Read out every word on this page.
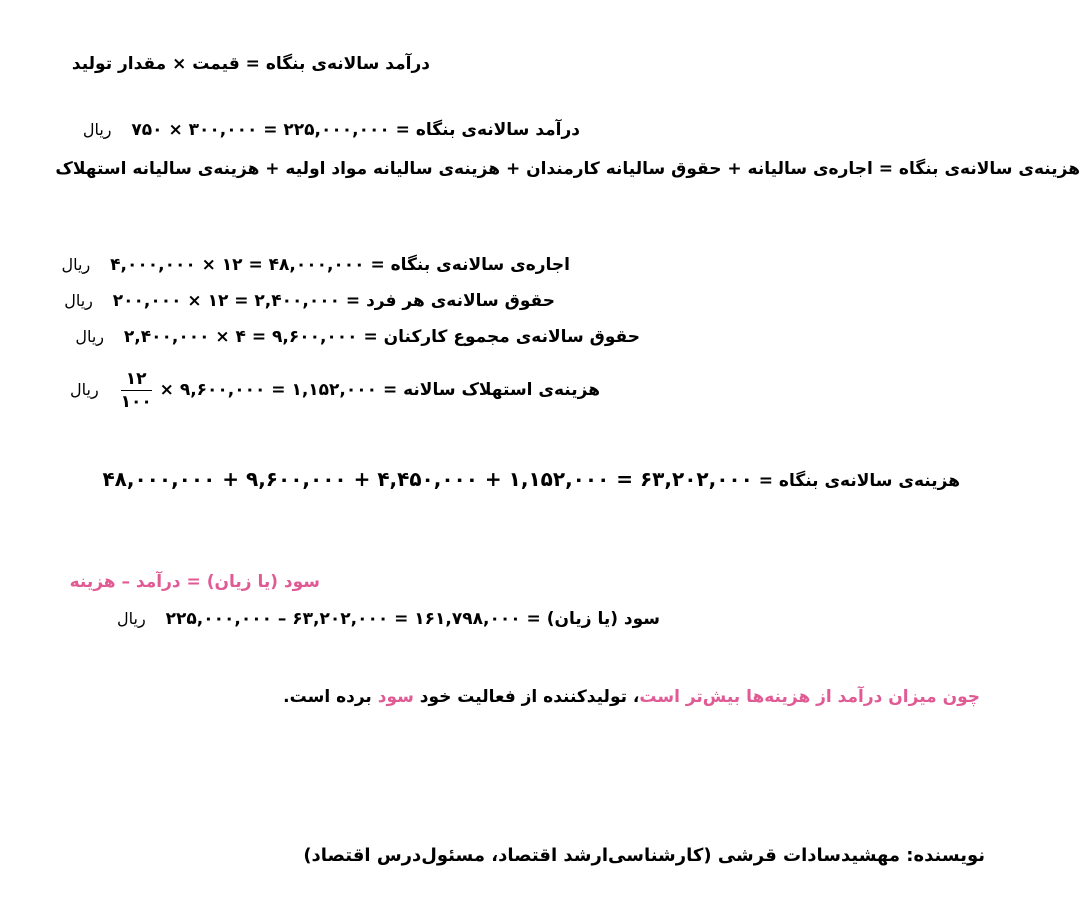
درآمد سالانه‌ی بنگاه = قیمت × مقدار تولید
درآمد سالانه‌ی بنگاه = ۷۵۰ × ۳۰۰,۰۰۰ = ۲۲۵,۰۰۰,۰۰۰ ریال
هزینه‌ی سالانه‌ی بنگاه = اجاره‌ی سالیانه + حقوق سالیانه کارمندان + هزینه‌ی سالیانه مواد اولیه + هزینه‌ی سالیانه استهلاک
اجاره‌ی سالانه‌ی بنگاه = ۴,۰۰۰,۰۰۰ × ۱۲ = ۴۸,۰۰۰,۰۰۰ ریال
حقوق سالانه‌ی هر فرد = ۲۰۰,۰۰۰ × ۱۲ = ۲,۴۰۰,۰۰۰ ریال
حقوق سالانه‌ی مجموع کارکنان = ۲,۴۰۰,۰۰۰ × ۴ = ۹,۶۰۰,۰۰۰ ریال
هزینه‌ی استهلاک سالانه =
$\frac{۱۲}{۱۰۰}$ × ۹,۶۰۰,۰۰۰ = ۱,۱۵۲,۰۰۰ ریال
هزینه‌ی سالانه‌ی بنگاه = ۴۸,۰۰۰,۰۰۰ + ۹,۶۰۰,۰۰۰ + ۴,۴۵۰,۰۰۰ + ۱,۱۵۲,۰۰۰ = ۶۳,۲۰۲,۰۰۰
سود (یا زیان) = درآمد – هزینه
سود (یا زیان) = ۲۲۵,۰۰۰,۰۰۰ – ۶۳,۲۰۲,۰۰۰ = ۱۶۱,۷۹۸,۰۰۰ ریال
چون میزان درآمد از هزینه‌ها بیش‌تر است، تولیدکننده از فعالیت خود سود برده است.
نویسنده: مهشیدسادات قرشی (کارشناسی‌ارشد اقتصاد، مسئول‌درس اقتصاد)
